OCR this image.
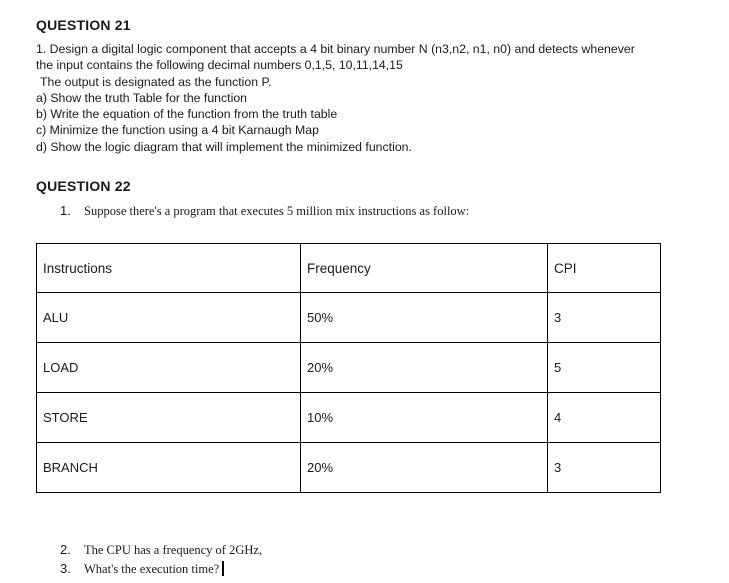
QUESTION 21
1. Design a digital logic component that accepts a 4 bit binary number N (n3,n2, n1, n0) and detects whenever
the input contains the following decimal numbers 0,1,5, 10,11,14,15
The output is designated as the function P.
a) Show the truth Table for the function
b) Write the equation of the function from the truth table
c) Minimize the function using a 4 bit Karnaugh Map
d) Show the logic diagram that will implement the minimized function.
QUESTION 22
1. Suppose there's a program that executes 5 million mix instructions as follow:
Instructions	Frequency	CPI
ALU	50%	3
LOAD	20%	5
STORE	10%	4
BRANCH	20%	3
2. The CPU has a frequency of 2GHz,
3. What's the execution time?
